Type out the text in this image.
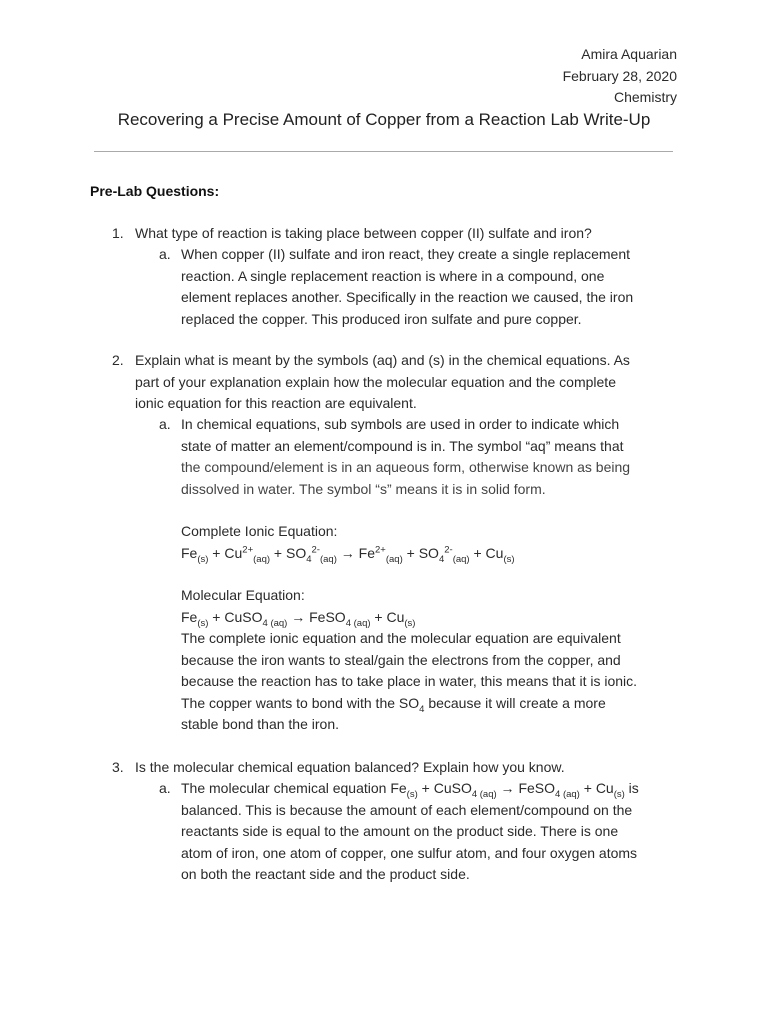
Amira Aquarian
February 28, 2020
Chemistry
Recovering a Precise Amount of Copper from a Reaction Lab Write-Up
Pre-Lab Questions:
1. What type of reaction is taking place between copper (II) sulfate and iron?
a. When copper (II) sulfate and iron react, they create a single replacement
reaction. A single replacement reaction is where in a compound, one
element replaces another. Specifically in the reaction we caused, the iron
replaced the copper. This produced iron sulfate and pure copper.
2. Explain what is meant by the symbols (aq) and (s) in the chemical equations. As
part of your explanation explain how the molecular equation and the complete
ionic equation for this reaction are equivalent.
a. In chemical equations, sub symbols are used in order to indicate which
state of matter an element/compound is in. The symbol “aq” means that
the compound/element is in an aqueous form, otherwise known as being
dissolved in water. The symbol “s” means it is in solid form.
Complete Ionic Equation:
$Fe_{(s)} + Cu^{2+}_{(aq)} + SO_4^{2-}_{(aq)} \to Fe^{2+}_{(aq)} + SO_4^{2-}_{(aq)} + Cu_{(s)}$
Molecular Equation:
$Fe_{(s)}$ + CuSO$_{4 (aq)}$ → FeSO$_{4 (aq)}$ + $Cu_{(s)}$
The complete ionic equation and the molecular equation are equivalent
because the iron wants to steal/gain the electrons from the copper, and
because the reaction has to take place in water, this means that it is ionic.
The copper wants to bond with the $SO_4$ because it will create a more
stable bond than the iron.
3. Is the molecular chemical equation balanced? Explain how you know.
a. The molecular chemical equation $Fe_{(s)}$ + CuSO$_{4 (aq)}$ → FeSO$_{4 (aq)}$ + $Cu_{(s)}$ is
balanced. This is because the amount of each element/compound on the
reactants side is equal to the amount on the product side. There is one
atom of iron, one atom of copper, one sulfur atom, and four oxygen atoms
on both the reactant side and the product side.
